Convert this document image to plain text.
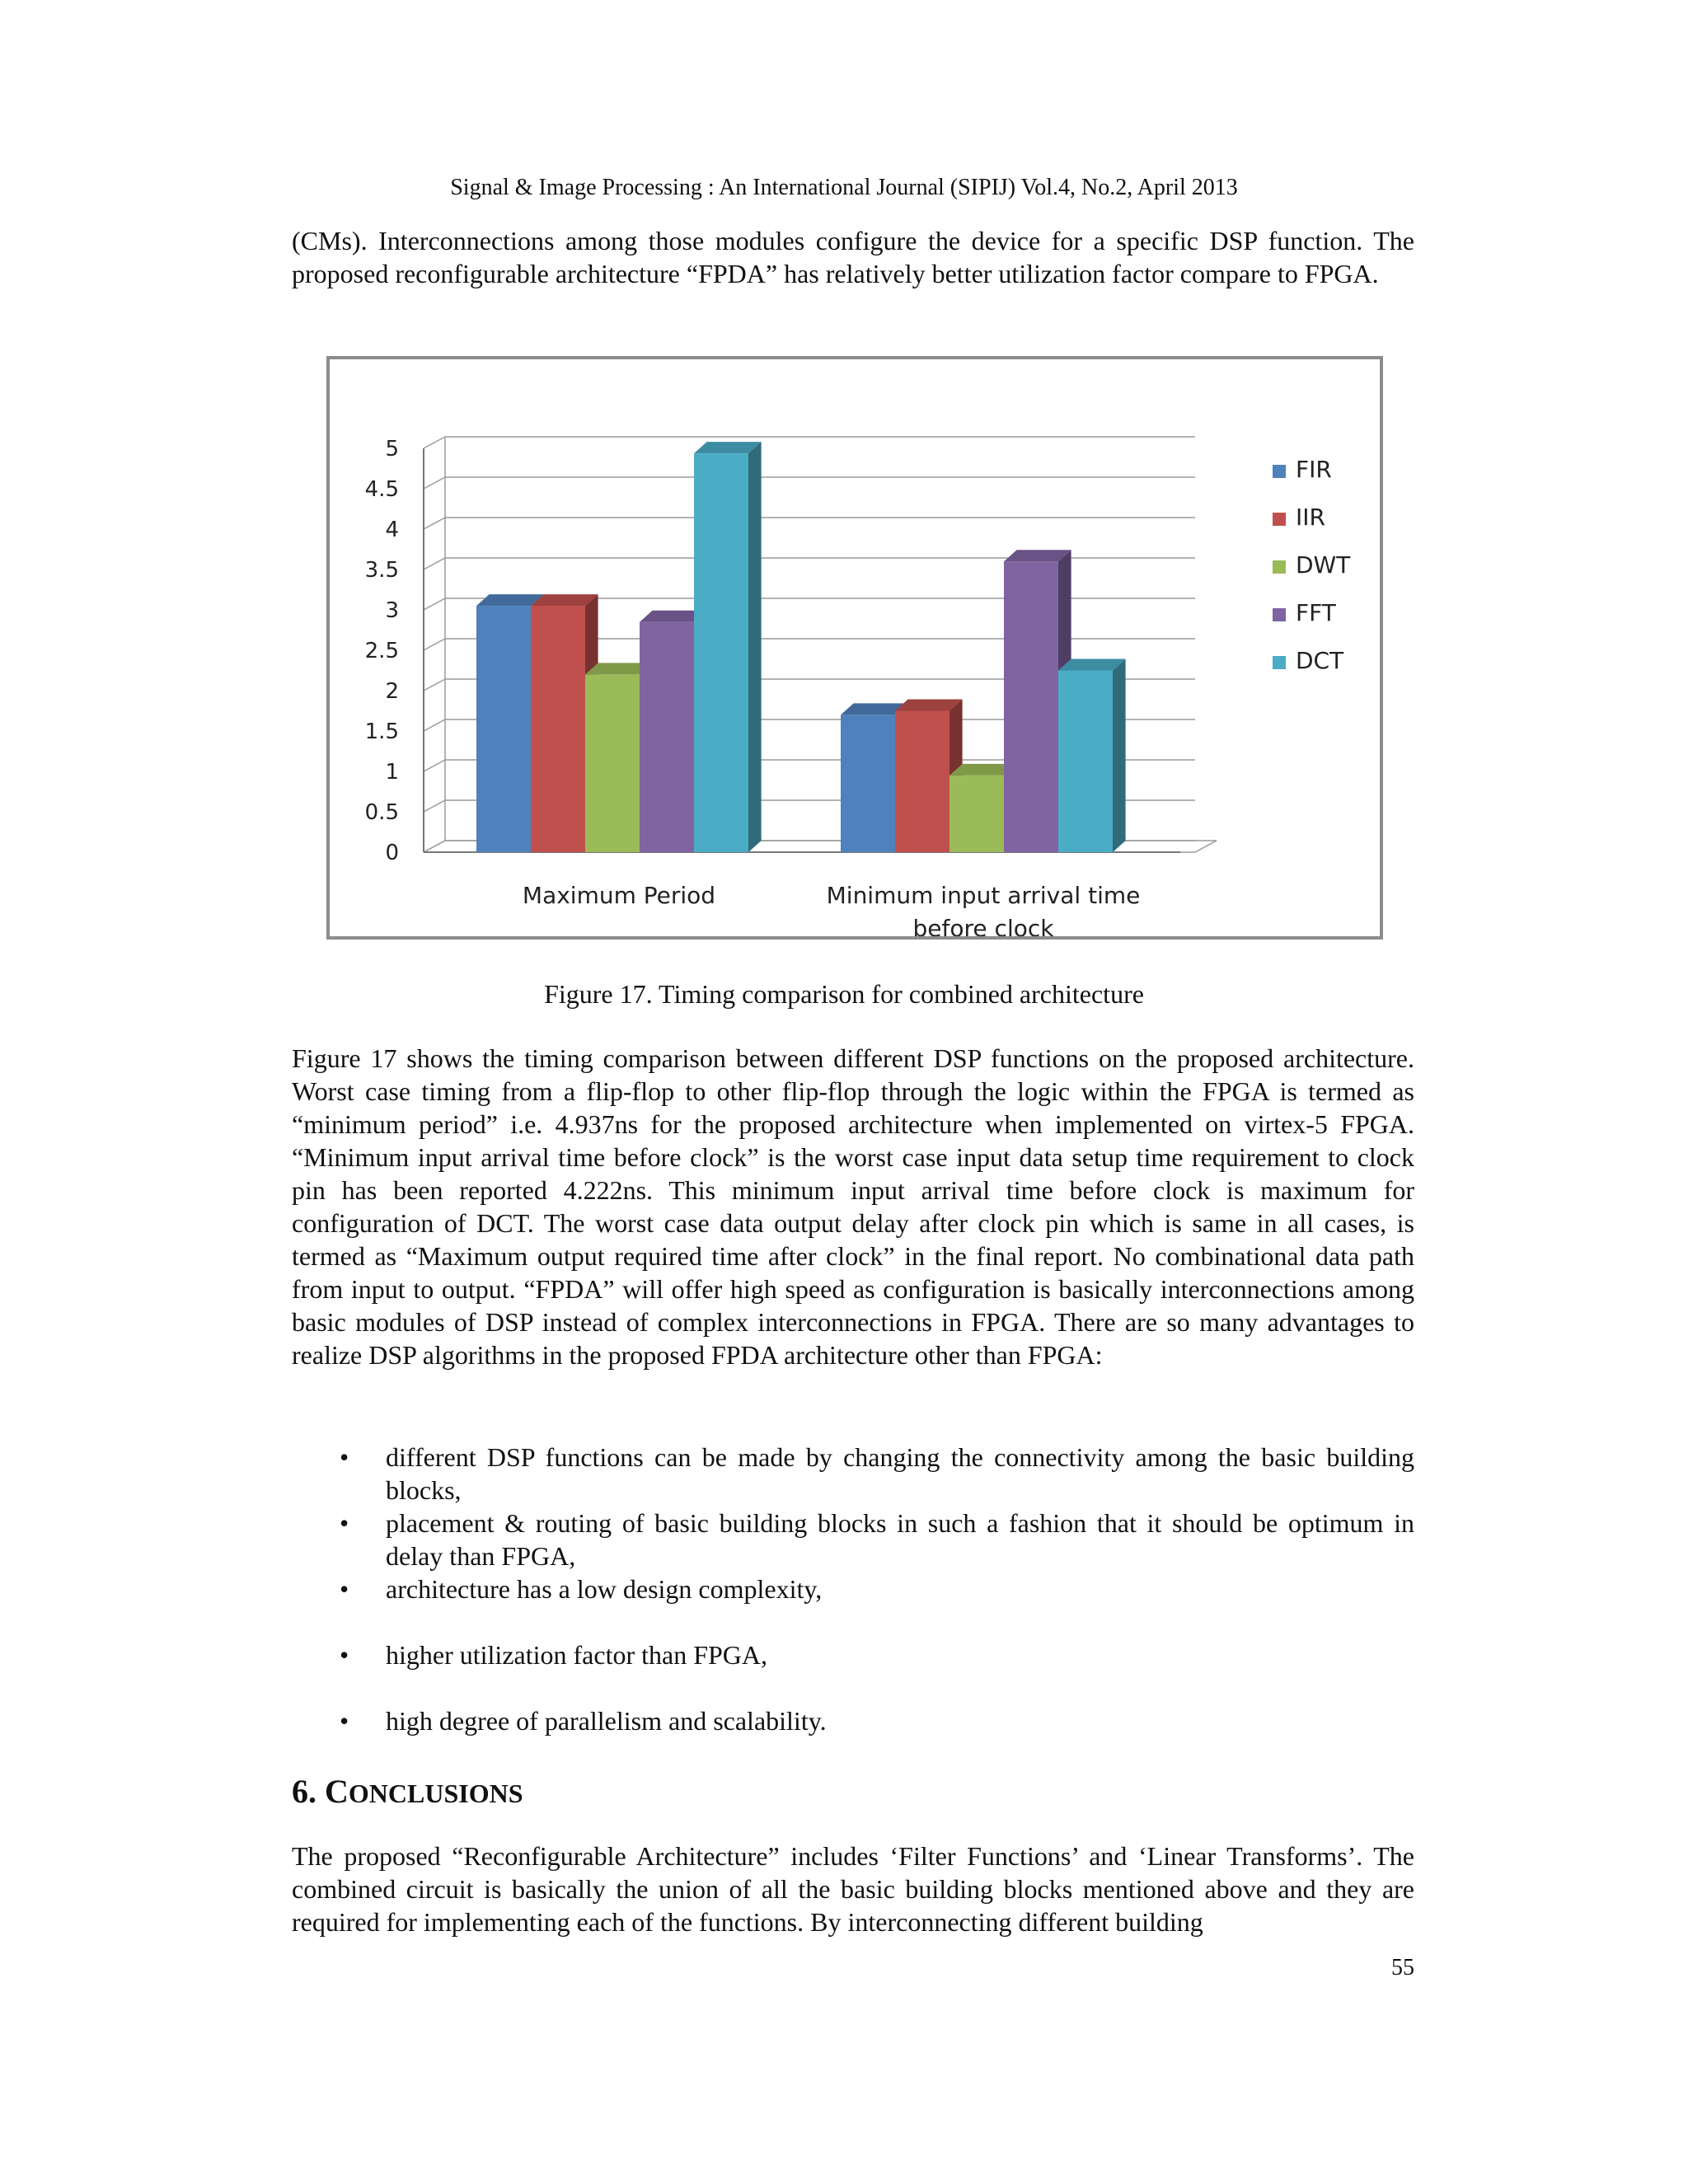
Signal & Image Processing : An International Journal (SIPIJ) Vol.4, No.2, April 2013
(CMs). Interconnections among those modules configure the device for a specific DSP function. The proposed reconfigurable architecture “FPDA” has relatively better utilization factor compare to FPGA.
0
0.5
1
1.5
2
2.5
3
3.5
4
4.5
5
Maximum Period	Minimum input arrival time
before clock
FIR
IIR
DWT
FFT
DCT
Figure 17. Timing comparison for combined architecture
Figure 17 shows the timing comparison between different DSP functions on the proposed architecture. Worst case timing from a flip-flop to other flip-flop through the logic within the FPGA is termed as “minimum period” i.e. 4.937ns for the proposed architecture when implemented on virtex-5 FPGA. “Minimum input arrival time before clock” is the worst case input data setup time requirement to clock pin has been reported 4.222ns. This minimum input arrival time before clock is maximum for configuration of DCT. The worst case data output delay after clock pin which is same in all cases, is termed as “Maximum output required time after clock” in the final report. No combinational data path from input to output. “FPDA” will offer high speed as configuration is basically interconnections among basic modules of DSP instead of complex interconnections in FPGA. There are so many advantages to realize DSP algorithms in the proposed FPDA architecture other than FPGA:
• different DSP functions can be made by changing the connectivity among the basic building blocks,
• placement & routing of basic building blocks in such a fashion that it should be optimum in delay than FPGA,
• architecture has a low design complexity,
• higher utilization factor than FPGA,
• high degree of parallelism and scalability.
6. CONCLUSIONS
The proposed “Reconfigurable Architecture” includes ‘Filter Functions’ and ‘Linear Transforms’. The combined circuit is basically the union of all the basic building blocks mentioned above and they are required for implementing each of the functions. By interconnecting different building
55
